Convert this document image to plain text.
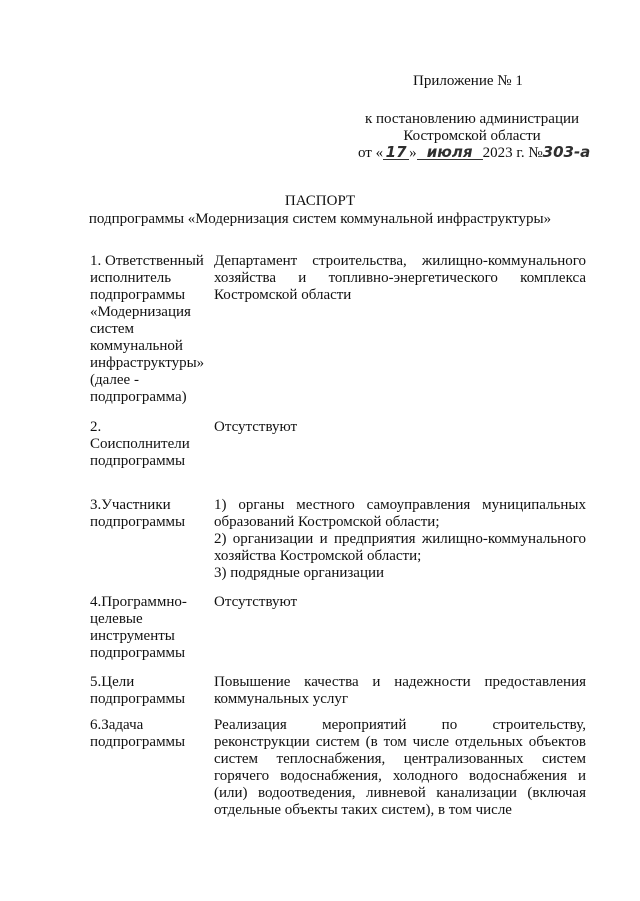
Приложение № 1
к постановлению администрации
Костромской области
от « 17 » июля 2023 г. №303-а
ПАСПОРТ
подпрограммы «Модернизация систем коммунальной инфраструктуры»
1. Ответственный
исполнитель
подпрограммы
«Модернизация
систем
коммунальной
инфраструктуры»
(далее -
подпрограмма)
Департамент строительства, жилищно-коммунального хозяйства и топливно-энергетического комплекса Костромской области
2.
Соисполнители
подпрограммы
Отсутствуют
3.Участники
подпрограммы
1) органы местного самоуправления муниципальных образований Костромской области;
2) организации и предприятия жилищно-коммунального хозяйства Костромской области;
3) подрядные организации
4.Программно-
целевые
инструменты
подпрограммы
Отсутствуют
5.Цели
подпрограммы
Повышение качества и надежности предоставления коммунальных услуг
6.Задача
подпрограммы
Реализация мероприятий по строительству, реконструкции систем (в том числе отдельных объектов систем теплоснабжения, централизованных систем горячего водоснабжения, холодного водоснабжения и (или) водоотведения, ливневой канализации (включая отдельные объекты таких систем), в том числе
